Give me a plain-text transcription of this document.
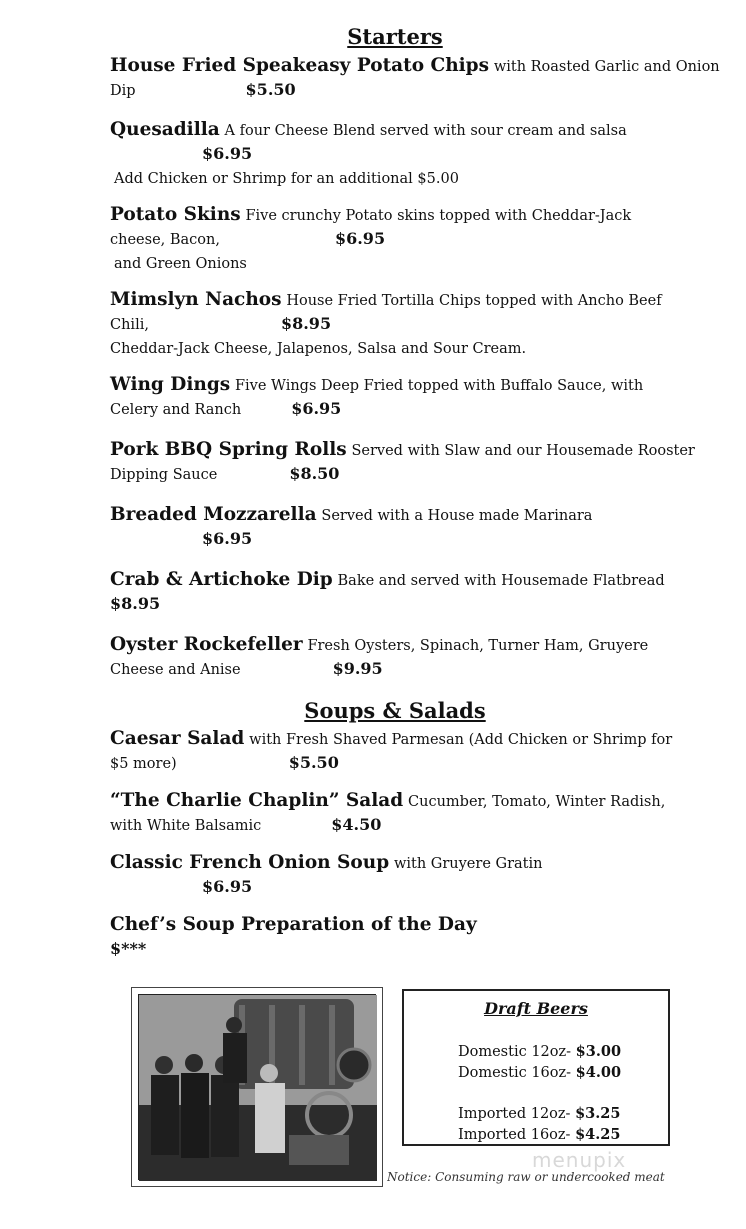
Starters
House Fried Speakeasy Potato Chips with Roasted Garlic and Onion
Dip	$5.50
Quesadilla A four Cheese Blend served with sour cream and salsa
$6.95
Add Chicken or Shrimp for an additional $5.00
Potato Skins Five crunchy Potato skins topped with Cheddar-Jack
cheese, Bacon,	$6.95
and Green Onions
Mimslyn Nachos House Fried Tortilla Chips topped with Ancho Beef
Chili,	$8.95
Cheddar-Jack Cheese, Jalapenos, Salsa and Sour Cream.
Wing Dings Five Wings Deep Fried topped with Buffalo Sauce, with
Celery and Ranch	$6.95
Pork BBQ Spring Rolls Served with Slaw and our Housemade Rooster
Dipping Sauce	$8.50
Breaded Mozzarella Served with a House made Marinara
$6.95
Crab & Artichoke Dip Bake and served with Housemade Flatbread
$8.95
Oyster Rockefeller Fresh Oysters, Spinach, Turner Ham, Gruyere
Cheese and Anise	$9.95
Soups & Salads
Caesar Salad with Fresh Shaved Parmesan (Add Chicken or Shrimp for
$5 more)	$5.50
“The Charlie Chaplin” Salad Cucumber, Tomato, Winter Radish,
with White Balsamic	$4.50
Classic French Onion Soup with Gruyere Gratin
$6.95
Chef’s Soup Preparation of the Day
$***
Draft Beers
Domestic 12oz- $3.00
Domestic 16oz- $4.00
Imported 12oz- $3.25
Imported 16oz- $4.25
menupix
Notice: Consuming raw or undercooked meat
